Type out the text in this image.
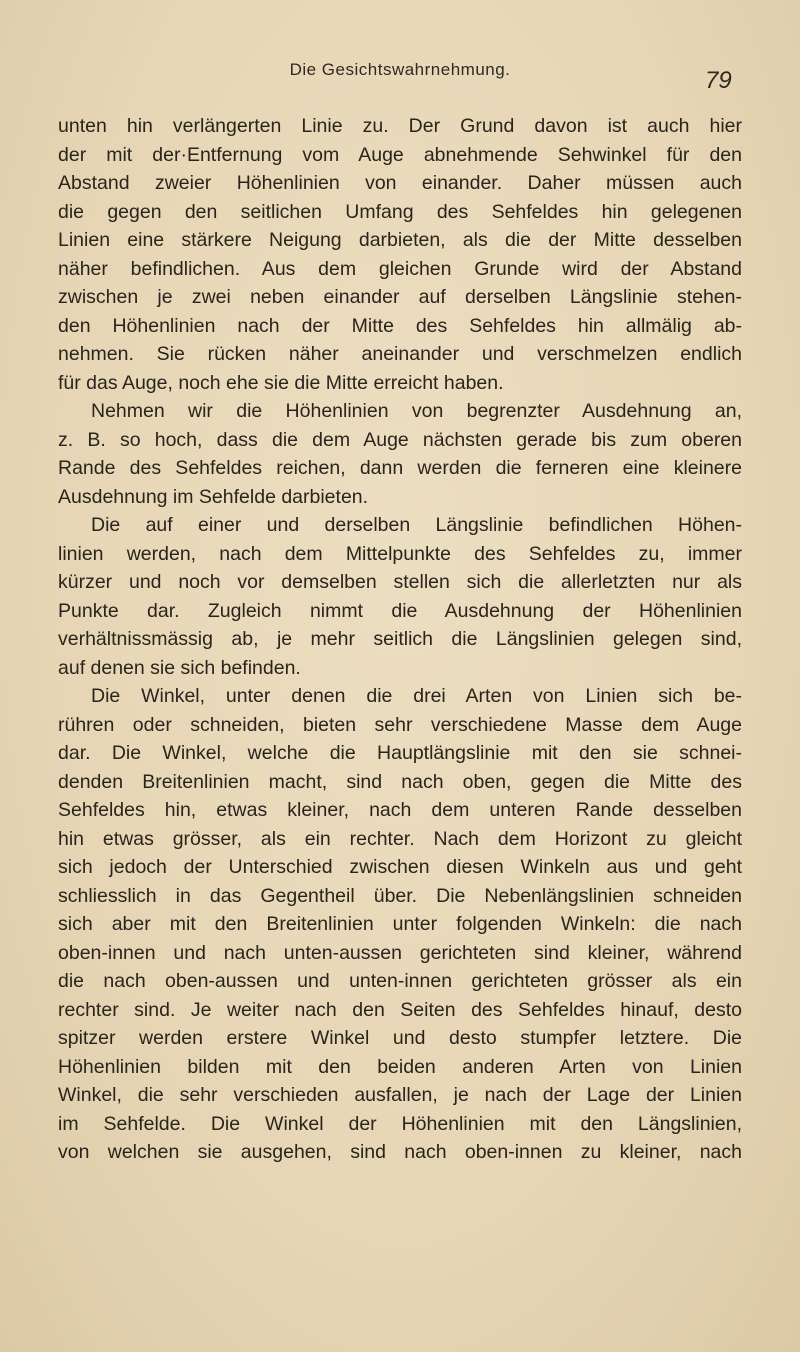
Die Gesichtswahrnehmung.	79
unten hin verlängerten Linie zu. Der Grund davon ist auch hier
der mit der·Entfernung vom Auge abnehmende Sehwinkel für den
Abstand zweier Höhenlinien von einander. Daher müssen auch
die gegen den seitlichen Umfang des Sehfeldes hin gelegenen
Linien eine stärkere Neigung darbieten, als die der Mitte desselben
näher befindlichen. Aus dem gleichen Grunde wird der Abstand
zwischen je zwei neben einander auf derselben Längslinie stehen-
den Höhenlinien nach der Mitte des Sehfeldes hin allmälig ab-
nehmen. Sie rücken näher aneinander und verschmelzen endlich
für das Auge, noch ehe sie die Mitte erreicht haben.
Nehmen wir die Höhenlinien von begrenzter Ausdehnung an,
z. B. so hoch, dass die dem Auge nächsten gerade bis zum oberen
Rande des Sehfeldes reichen, dann werden die ferneren eine kleinere
Ausdehnung im Sehfelde darbieten.
Die auf einer und derselben Längslinie befindlichen Höhen-
linien werden, nach dem Mittelpunkte des Sehfeldes zu, immer
kürzer und noch vor demselben stellen sich die allerletzten nur als
Punkte dar. Zugleich nimmt die Ausdehnung der Höhenlinien
verhältnissmässig ab, je mehr seitlich die Längslinien gelegen sind,
auf denen sie sich befinden.
Die Winkel, unter denen die drei Arten von Linien sich be-
rühren oder schneiden, bieten sehr verschiedene Masse dem Auge
dar. Die Winkel, welche die Hauptlängslinie mit den sie schnei-
denden Breitenlinien macht, sind nach oben, gegen die Mitte des
Sehfeldes hin, etwas kleiner, nach dem unteren Rande desselben
hin etwas grösser, als ein rechter. Nach dem Horizont zu gleicht
sich jedoch der Unterschied zwischen diesen Winkeln aus und geht
schliesslich in das Gegentheil über. Die Nebenlängslinien schneiden
sich aber mit den Breitenlinien unter folgenden Winkeln: die nach
oben-innen und nach unten-aussen gerichteten sind kleiner, während
die nach oben-aussen und unten-innen gerichteten grösser als ein
rechter sind. Je weiter nach den Seiten des Sehfeldes hinauf, desto
spitzer werden erstere Winkel und desto stumpfer letztere. Die
Höhenlinien bilden mit den beiden anderen Arten von Linien
Winkel, die sehr verschieden ausfallen, je nach der Lage der Linien
im Sehfelde. Die Winkel der Höhenlinien mit den Längslinien,
von welchen sie ausgehen, sind nach oben-innen zu kleiner, nach
